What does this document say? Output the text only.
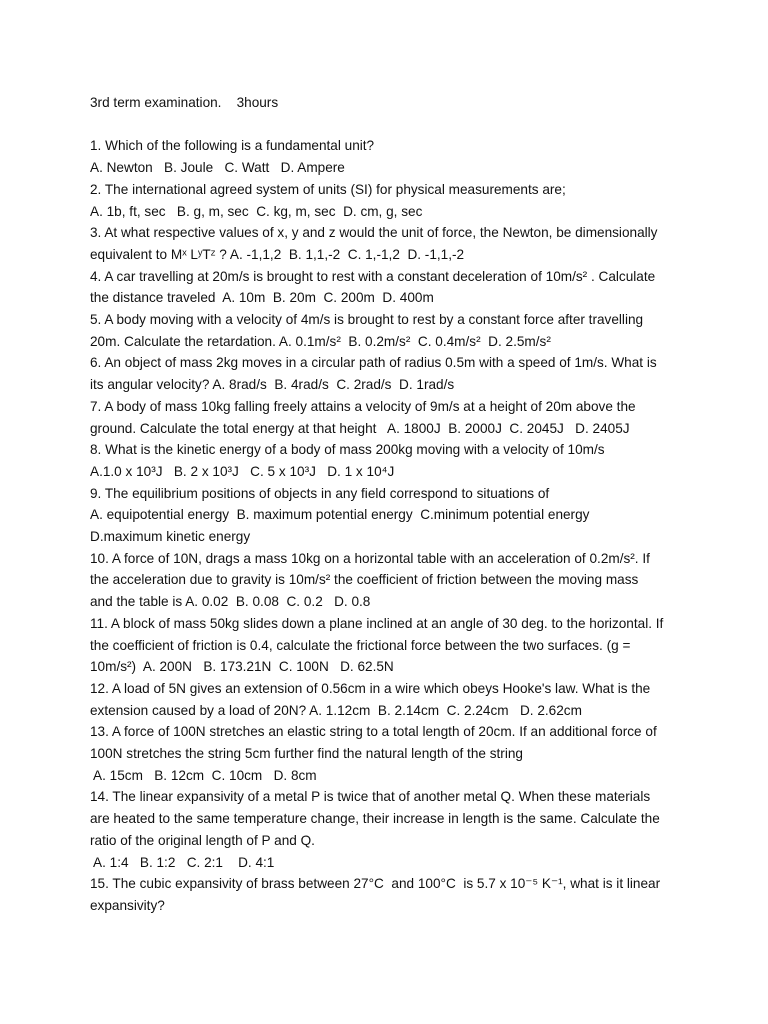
3rd term examination.    3hours
1. Which of the following is a fundamental unit?
A. Newton   B. Joule   C. Watt   D. Ampere
2. The international agreed system of units (SI) for physical measurements are;
A. 1b, ft, sec   B. g, m, sec  C. kg, m, sec  D. cm, g, sec
3. At what respective values of x, y and z would the unit of force, the Newton, be dimensionally
equivalent to Mˣ LʸTᶻ ? A. -1,1,2  B. 1,1,-2  C. 1,-1,2  D. -1,1,-2
4. A car travelling at 20m/s is brought to rest with a constant deceleration of 10m/s² . Calculate
the distance traveled  A. 10m  B. 20m  C. 200m  D. 400m
5. A body moving with a velocity of 4m/s is brought to rest by a constant force after travelling
20m. Calculate the retardation. A. 0.1m/s²  B. 0.2m/s²  C. 0.4m/s²  D. 2.5m/s²
6. An object of mass 2kg moves in a circular path of radius 0.5m with a speed of 1m/s. What is
its angular velocity? A. 8rad/s  B. 4rad/s  C. 2rad/s  D. 1rad/s
7. A body of mass 10kg falling freely attains a velocity of 9m/s at a height of 20m above the
ground. Calculate the total energy at that height   A. 1800J  B. 2000J  C. 2045J   D. 2405J
8. What is the kinetic energy of a body of mass 200kg moving with a velocity of 10m/s
A.1.0 x 10³J   B. 2 x 10³J   C. 5 x 10³J   D. 1 x 10⁴J
9. The equilibrium positions of objects in any field correspond to situations of
A. equipotential energy  B. maximum potential energy  C.minimum potential energy
D.maximum kinetic energy
10. A force of 10N, drags a mass 10kg on a horizontal table with an acceleration of 0.2m/s². If
the acceleration due to gravity is 10m/s² the coefficient of friction between the moving mass
and the table is A. 0.02  B. 0.08  C. 0.2   D. 0.8
11. A block of mass 50kg slides down a plane inclined at an angle of 30 deg. to the horizontal. If
the coefficient of friction is 0.4, calculate the frictional force between the two surfaces. (g =
10m/s²)  A. 200N   B. 173.21N  C. 100N   D. 62.5N
12. A load of 5N gives an extension of 0.56cm in a wire which obeys Hooke's law. What is the
extension caused by a load of 20N? A. 1.12cm  B. 2.14cm  C. 2.24cm   D. 2.62cm
13. A force of 100N stretches an elastic string to a total length of 20cm. If an additional force of
100N stretches the string 5cm further find the natural length of the string
A. 15cm   B. 12cm  C. 10cm   D. 8cm
14. The linear expansivity of a metal P is twice that of another metal Q. When these materials
are heated to the same temperature change, their increase in length is the same. Calculate the
ratio of the original length of P and Q.
A. 1:4   B. 1:2   C. 2:1    D. 4:1
15. The cubic expansivity of brass between 27°C  and 100°C  is 5.7 x 10⁻⁵ K⁻¹, what is it linear
expansivity?
